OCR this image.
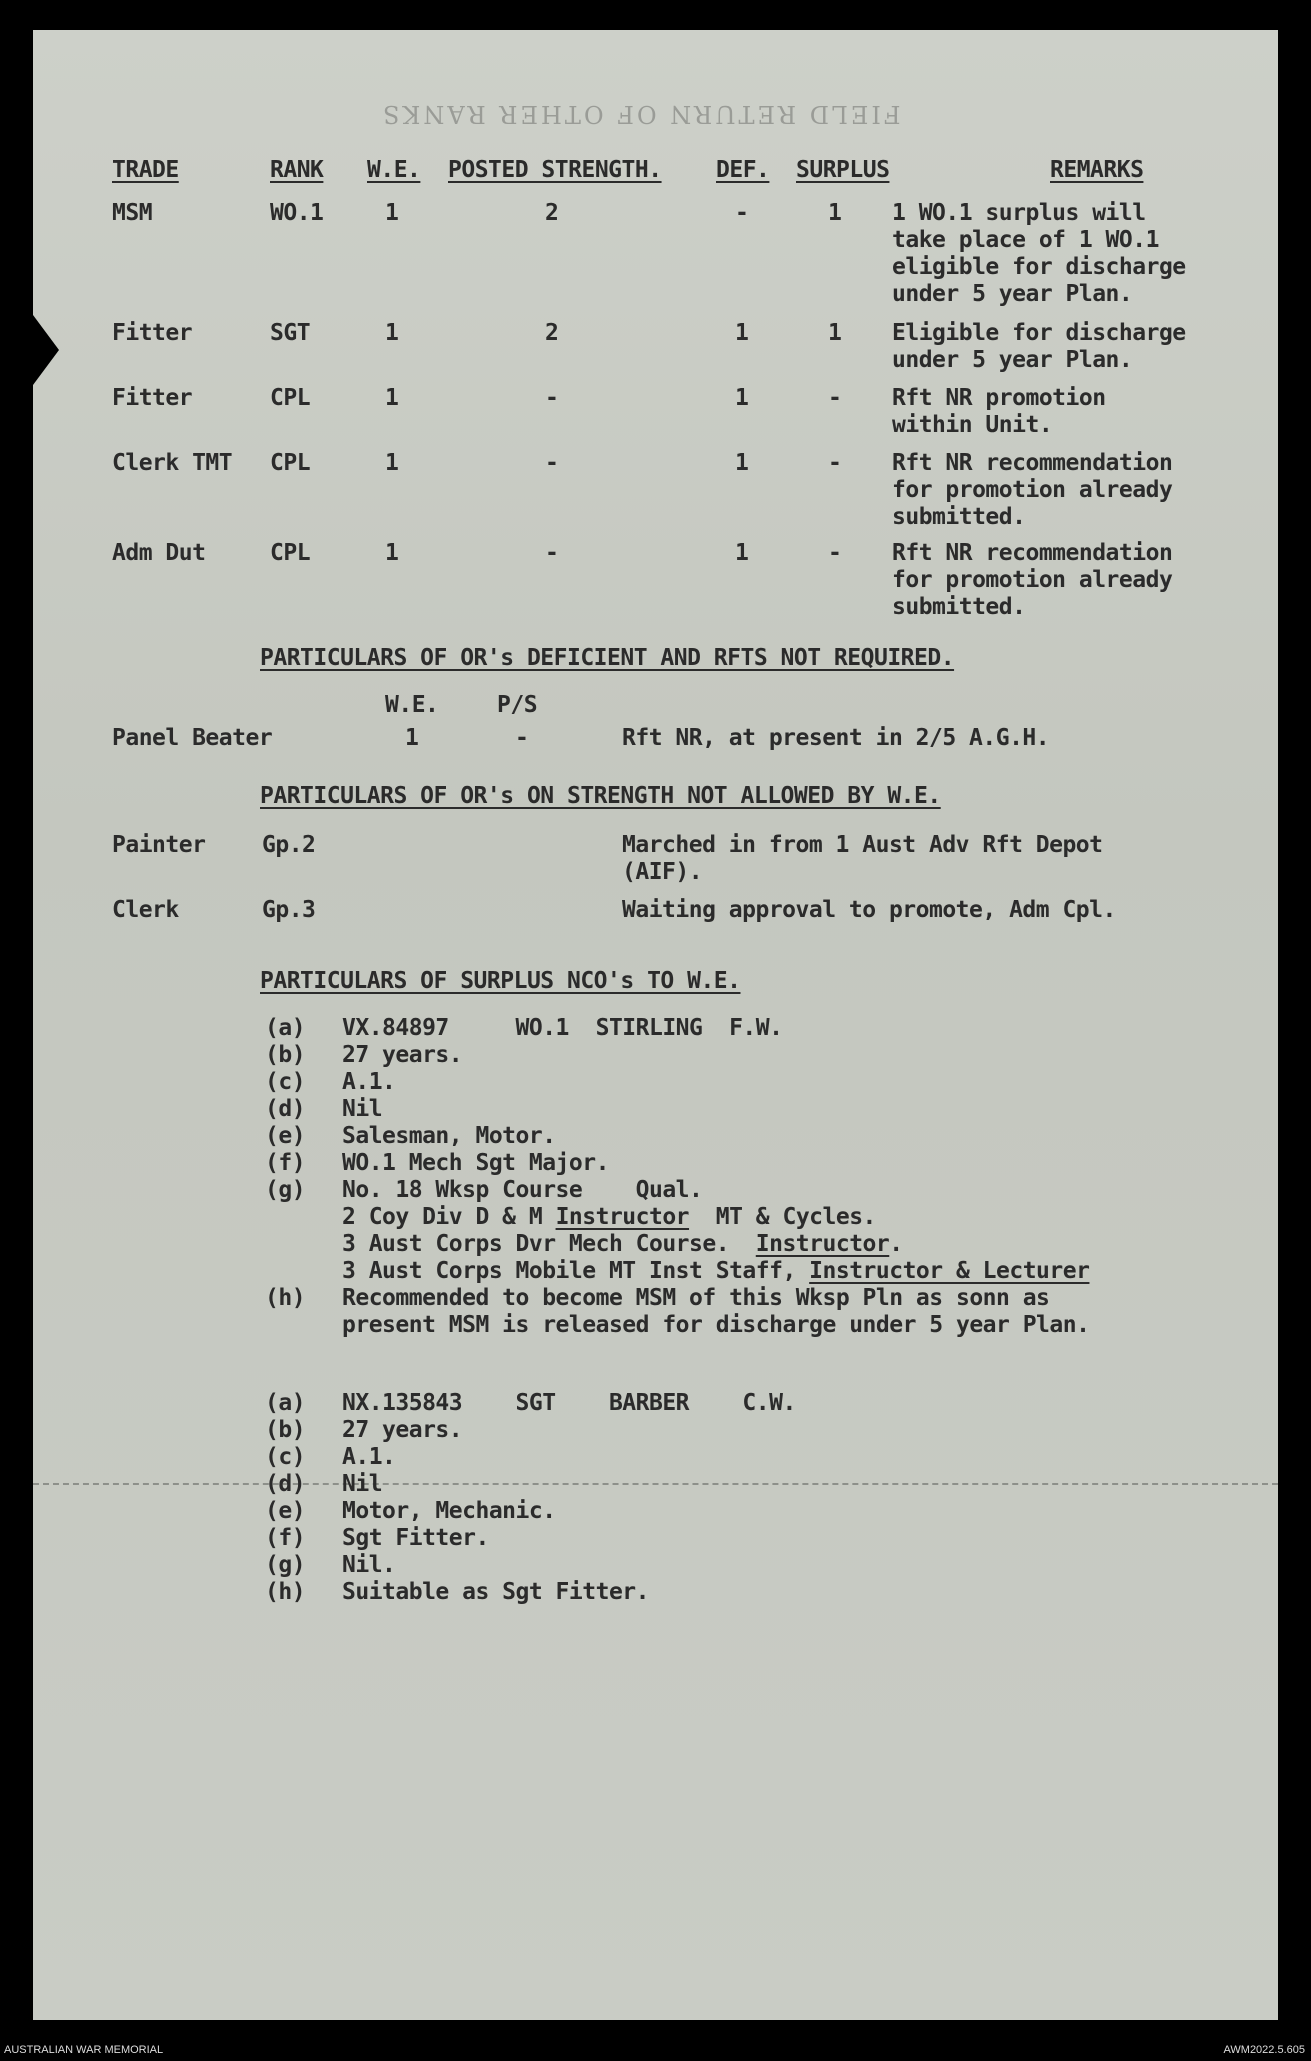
FIELD RETURN OF OTHER RANKS
TRADE	RANK W.E. POSTED STRENGTH. DEF. SURPLUS	REMARKS
MSM	WO.1	1	2	-	1 1 WO.1 surplus will
take place of 1 WO.1
eligible for discharge
under 5 year Plan.
Fitter	SGT	1	2	1	1 Eligible for discharge
under 5 year Plan.
Fitter	CPL	1	-	1	- Rft NR promotion
within Unit.
Clerk TMT CPL	1	-	1	- Rft NR recommendation
for promotion already
submitted.
Adm Dut	CPL	1	-	1	- Rft NR recommendation
for promotion already
submitted.
PARTICULARS OF OR's DEFICIENT AND RFTS NOT REQUIRED.
W.E.	P/S
Panel Beater	1	-	Rft NR, at present in 2/5 A.G.H.
PARTICULARS OF OR's ON STRENGTH NOT ALLOWED BY W.E.
Painter Gp.2	Marched in from 1 Aust Adv Rft Depot
(AIF).
Clerk	Gp.3	Waiting approval to promote, Adm Cpl.
PARTICULARS OF SURPLUS NCO's TO W.E.
(a) VX.84897     WO.1  STIRLING  F.W.
(b) 27 years.
(c) A.1.
(d) Nil
(e) Salesman, Motor.
(f) WO.1 Mech Sgt Major.
(g) No. 18 Wksp Course    Qual.
2 Coy Div D & M Instructor  MT & Cycles.
3 Aust Corps Dvr Mech Course.  Instructor.
3 Aust Corps Mobile MT Inst Staff, Instructor & Lecturer
(h) Recommended to become MSM of this Wksp Pln as sonn as
present MSM is released for discharge under 5 year Plan.
(a) NX.135843    SGT    BARBER    C.W.
(b) 27 years.
(c) A.1.
(d) Nil
(e) Motor, Mechanic.
(f) Sgt Fitter.
(g) Nil.
(h) Suitable as Sgt Fitter.
AUSTRALIAN WAR MEMORIAL	AWM2022.5.605
